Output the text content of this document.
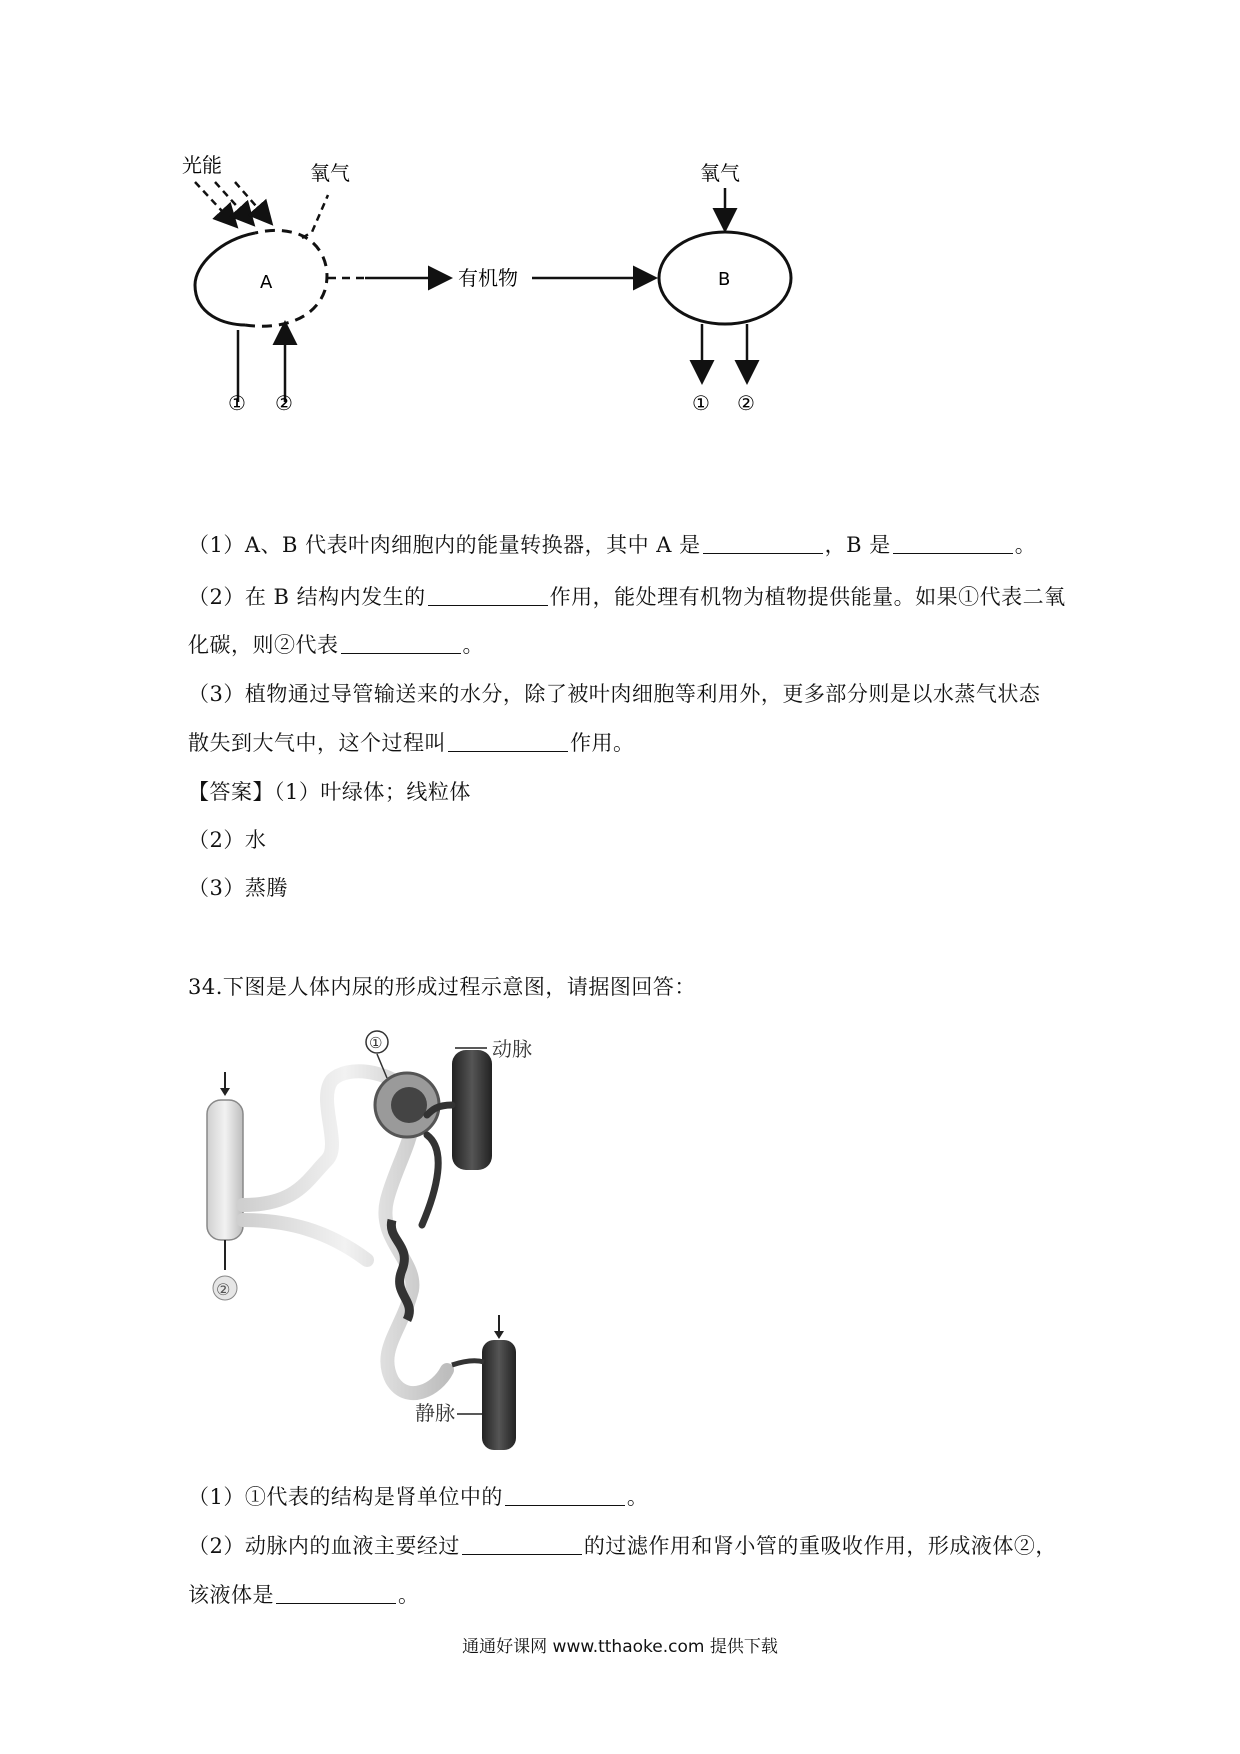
A
光能	氧气
① ②
有机物	B
氧气
① ②
（1）A、B 代表叶肉细胞内的能量转换器，其中 A 是	，B 是	。
（2）在 B 结构内发生的	作用，能处理有机物为植物提供能量。如果①代表二氧
化碳，则②代表	。
（3）植物通过导管输送来的水分，除了被叶肉细胞等利用外，更多部分则是以水蒸气状态
散失到大气中，这个过程叫	作用。
【答案】（1）叶绿体；线粒体
（2）水
（3）蒸腾
34.下图是人体内尿的形成过程示意图，请据图回答：
②
动脉
①
静脉
（1）①代表的结构是肾单位中的	。
（2）动脉内的血液主要经过	的过滤作用和肾小管的重吸收作用，形成液体②，
该液体是	。
通通好课网 www.tthaoke.com 提供下载
